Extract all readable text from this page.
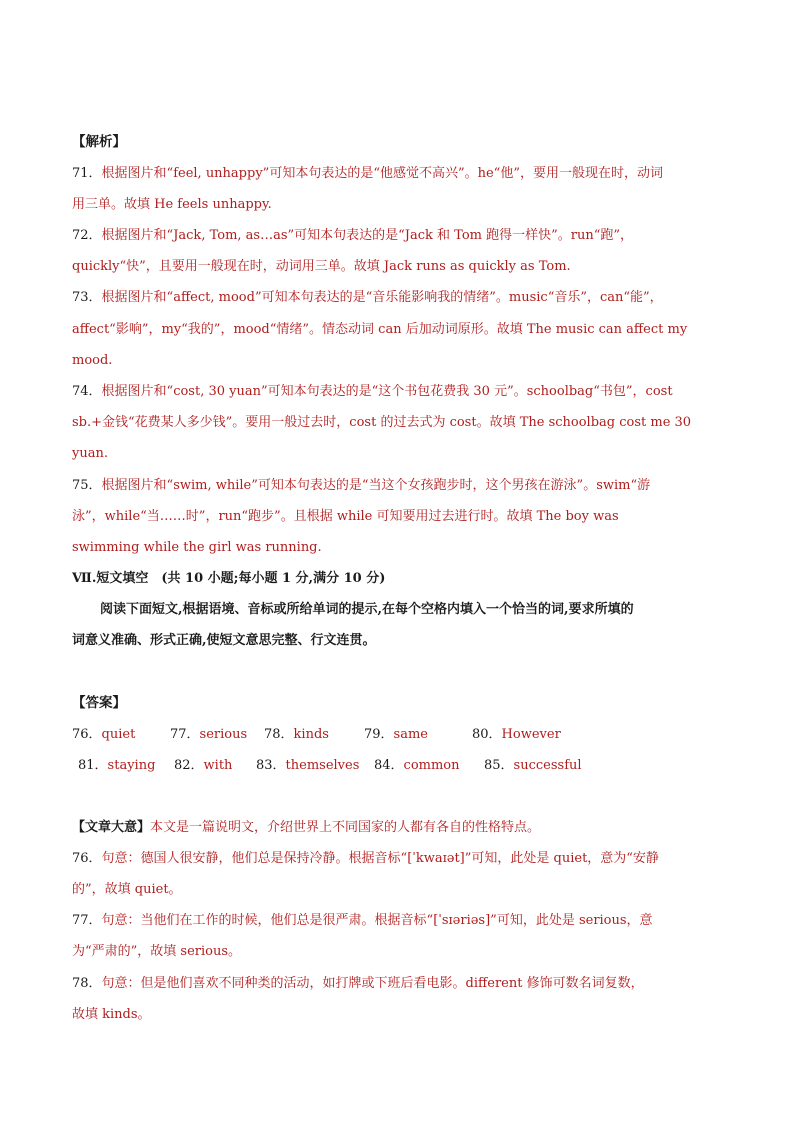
【解析】
71．根据图片和“feel, unhappy”可知本句表达的是“他感觉不高兴”。he“他”，要用一般现在时，动词
用三单。故填 He feels unhappy.
72．根据图片和“Jack, Tom, as…as”可知本句表达的是“Jack 和 Tom 跑得一样快”。run“跑”，
quickly“快”，且要用一般现在时，动词用三单。故填 Jack runs as quickly as Tom.
73．根据图片和“affect, mood”可知本句表达的是“音乐能影响我的情绪”。music“音乐”，can“能”，
affect“影响”，my“我的”，mood“情绪”。情态动词 can 后加动词原形。故填 The music can affect my
mood.
74．根据图片和“cost, 30 yuan”可知本句表达的是“这个书包花费我 30 元”。schoolbag“书包”，cost
sb.+金钱“花费某人多少钱”。要用一般过去时，cost 的过去式为 cost。故填 The schoolbag cost me 30
yuan.
75．根据图片和“swim, while”可知本句表达的是“当这个女孩跑步时，这个男孩在游泳”。swim“游
泳”，while“当……时”，run“跑步”。且根据 while 可知要用过去进行时。故填 The boy was
swimming while the girl was running.
Ⅶ.短文填空　(共 10 小题;每小题 1 分,满分 10 分)
阅读下面短文,根据语境、音标或所给单词的提示,在每个空格内填入一个恰当的词,要求所填的
词意义准确、形式正确,使短文意思完整、行文连贯。
【答案】
76．quiet	77．serious 78．kinds	79．same	80．However
81．staying 82．with 83．themselves 84．common 85．successful
【文章大意】本文是一篇说明文，介绍世界上不同国家的人都有各自的性格特点。
76．句意：德国人很安静，他们总是保持冷静。根据音标“[ˈkwaɪət]”可知，此处是 quiet，意为“安静
的”，故填 quiet。
77．句意：当他们在工作的时候，他们总是很严肃。根据音标“[ˈsɪəriəs]”可知，此处是 serious，意
为“严肃的”，故填 serious。
78．句意：但是他们喜欢不同种类的活动，如打牌或下班后看电影。different 修饰可数名词复数，
故填 kinds。
